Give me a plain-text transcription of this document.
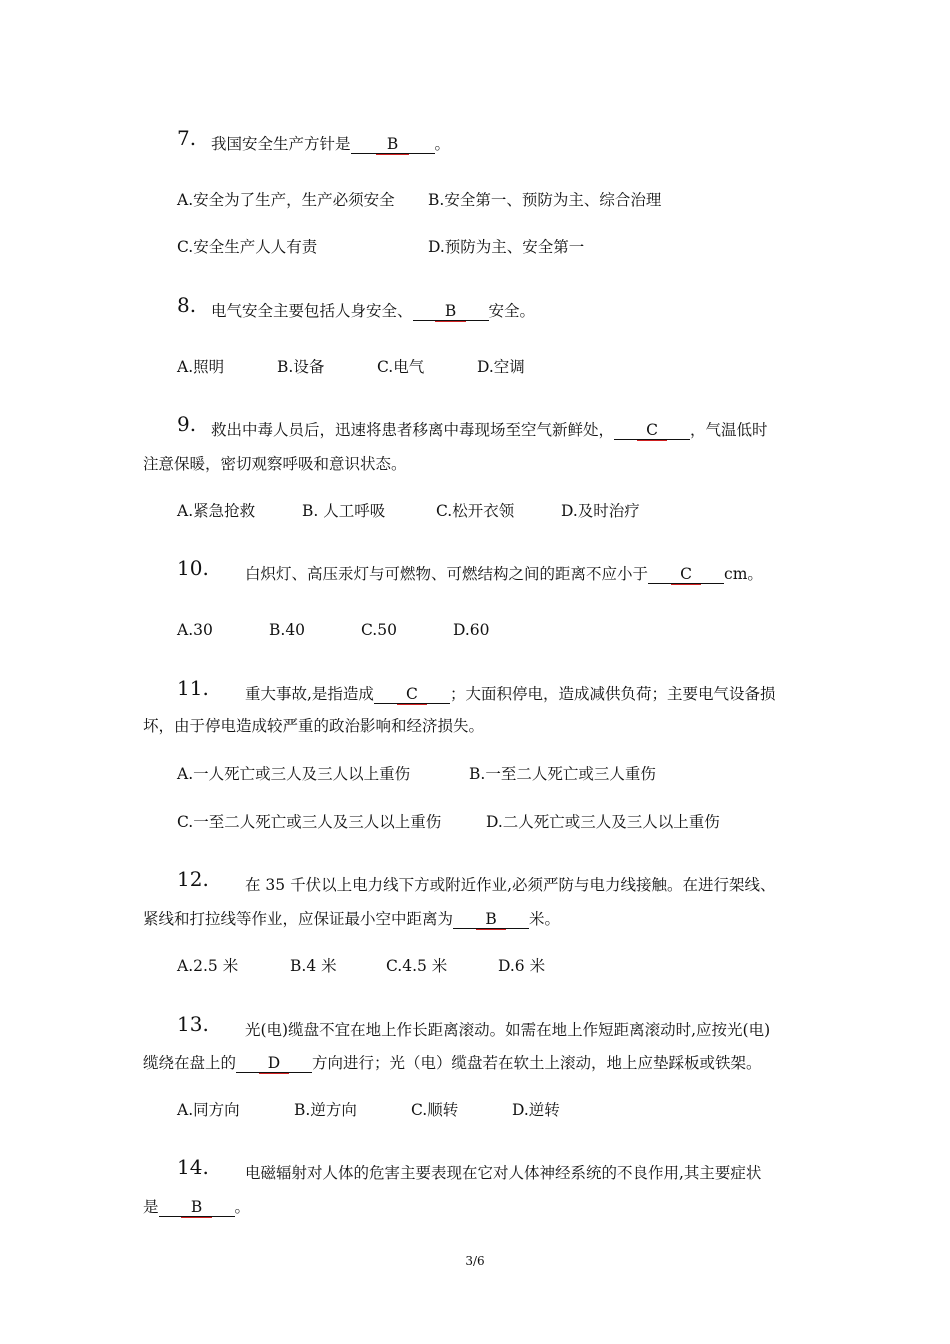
7. 我国安全生产方针是 B 。
A.安全为了生产，生产必须安全 B.安全第一、预防为主、综合治理
C.安全生产人人有责	D.预防为主、安全第一
8. 电气安全主要包括人身安全、 B 安全。
A.照明	B.设备	C.电气	D.空调
9. 救出中毒人员后，迅速将患者移离中毒现场至空气新鲜处， C ，气温低时
注意保暖，密切观察呼吸和意识状态。
A.紧急抢救	B. 人工呼吸	C.松开衣领	D.及时治疗
10. 白炽灯、高压汞灯与可燃物、可燃结构之间的距离不应小于 C cm。
A.30	B.40	C.50	D.60
11. 重大事故,是指造成 C ；大面积停电，造成减供负荷；主要电气设备损
坏，由于停电造成较严重的政治影响和经济损失。
A.一人死亡或三人及三人以上重伤	B.一至二人死亡或三人重伤
C.一至二人死亡或三人及三人以上重伤	D.二人死亡或三人及三人以上重伤
12. 在 35 千伏以上电力线下方或附近作业,必须严防与电力线接触。在进行架线、
紧线和打拉线等作业，应保证最小空中距离为 B 米。
A.2.5 米	B.4 米	C.4.5 米	D.6 米
13. 光(电)缆盘不宜在地上作长距离滚动。如需在地上作短距离滚动时,应按光(电)
缆绕在盘上的 D 方向进行；光（电）缆盘若在软土上滚动，地上应垫踩板或铁架。
A.同方向	B.逆方向	C.顺转	D.逆转
14. 电磁辐射对人体的危害主要表现在它对人体神经系统的不良作用,其主要症状
是 B 。
3/6
